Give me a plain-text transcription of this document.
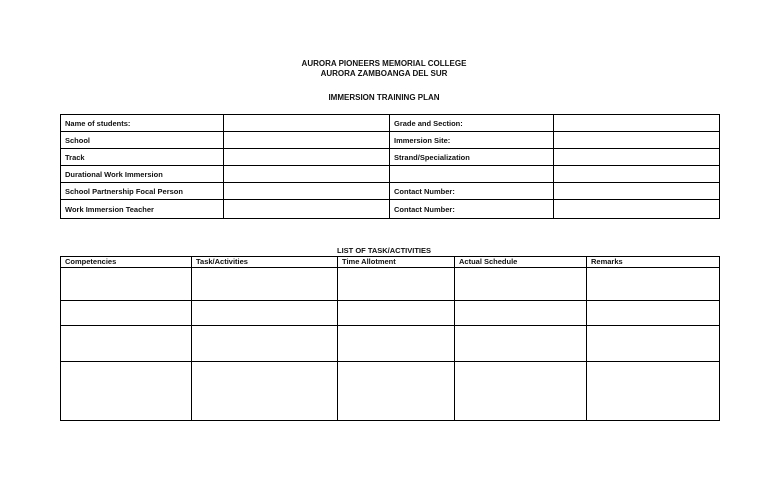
AURORA PIONEERS MEMORIAL COLLEGE
AURORA ZAMBOANGA DEL SUR
IMMERSION TRAINING PLAN
Name of students:		Grade and Section:	
School		Immersion Site:	
Track		Strand/Specialization	
Durational Work Immersion			
School Partnership Focal Person		Contact Number:	
Work Immersion Teacher		Contact Number:	
LIST OF TASK/ACTIVITIES
Competencies	Task/Activities	Time Allotment	Actual Schedule	Remarks
